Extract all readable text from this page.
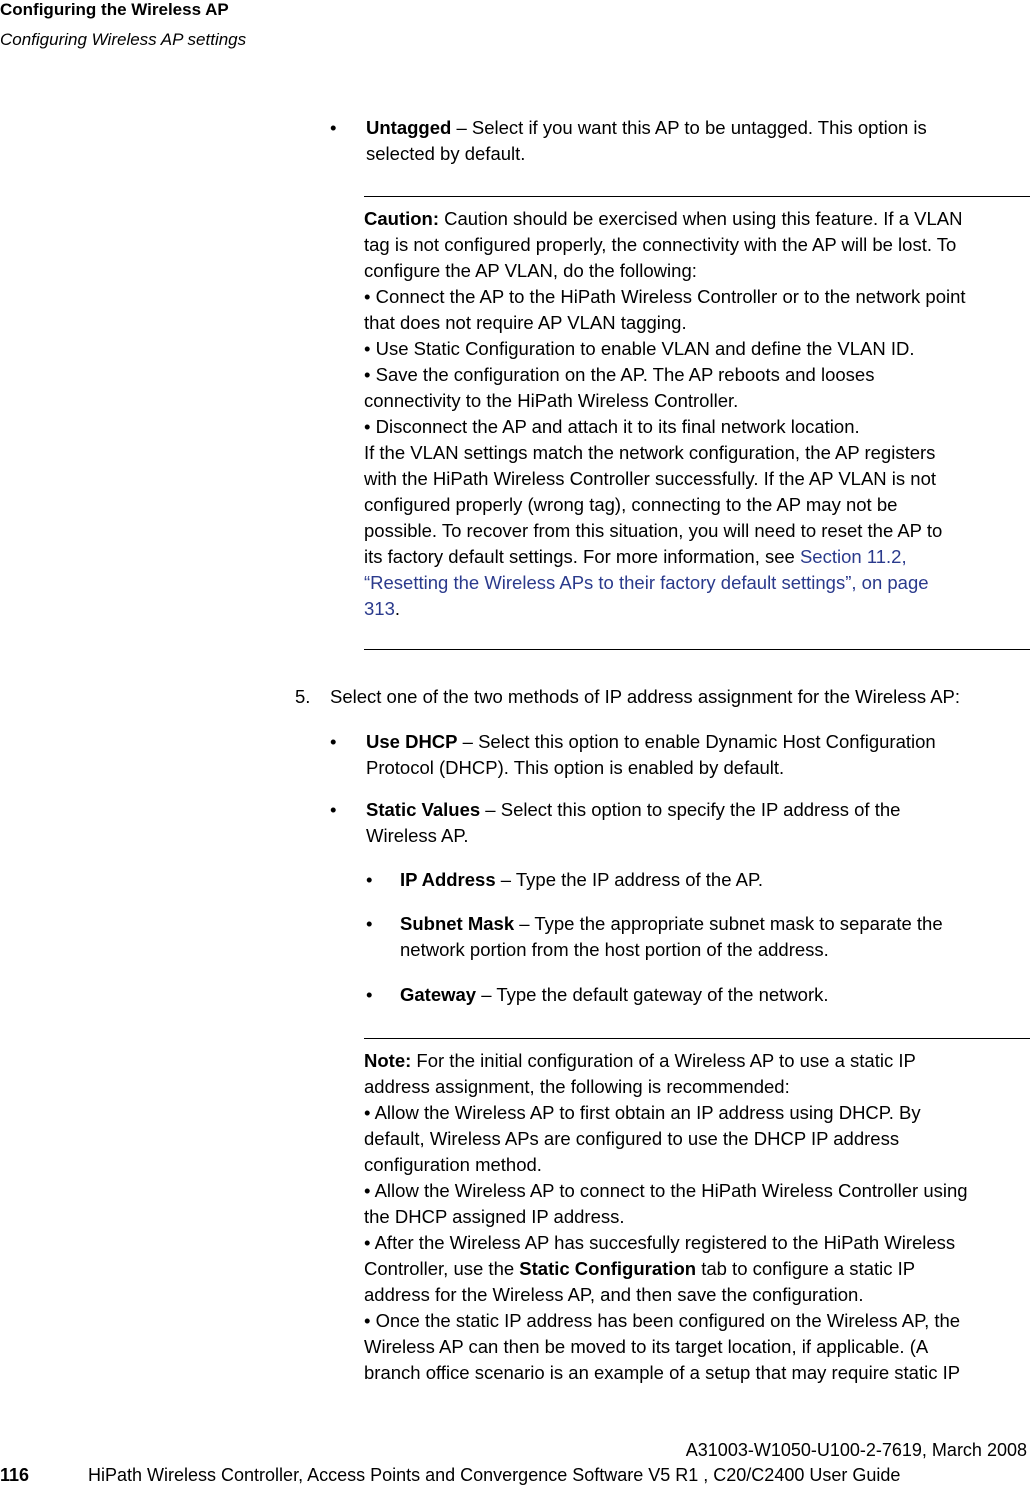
Configuring the Wireless AP
Configuring Wireless AP settings
• Untagged – Select if you want this AP to be untagged. This option is
selected by default.
Caution: Caution should be exercised when using this feature. If a VLAN
tag is not configured properly, the connectivity with the AP will be lost. To
configure the AP VLAN, do the following:
• Connect the AP to the HiPath Wireless Controller or to the network point
that does not require AP VLAN tagging.
• Use Static Configuration to enable VLAN and define the VLAN ID.
• Save the configuration on the AP. The AP reboots and looses
connectivity to the HiPath Wireless Controller.
• Disconnect the AP and attach it to its final network location.
If the VLAN settings match the network configuration, the AP registers
with the HiPath Wireless Controller successfully. If the AP VLAN is not
configured properly (wrong tag), connecting to the AP may not be
possible. To recover from this situation, you will need to reset the AP to
its factory default settings. For more information, see Section 11.2,
“Resetting the Wireless APs to their factory default settings”, on page
313.
5. Select one of the two methods of IP address assignment for the Wireless AP:
• Use DHCP – Select this option to enable Dynamic Host Configuration
Protocol (DHCP). This option is enabled by default.
• Static Values – Select this option to specify the IP address of the
Wireless AP.
• IP Address – Type the IP address of the AP.
• Subnet Mask – Type the appropriate subnet mask to separate the
network portion from the host portion of the address.
• Gateway – Type the default gateway of the network.
Note: For the initial configuration of a Wireless AP to use a static IP
address assignment, the following is recommended:
• Allow the Wireless AP to first obtain an IP address using DHCP. By
default, Wireless APs are configured to use the DHCP IP address
configuration method.
• Allow the Wireless AP to connect to the HiPath Wireless Controller using
the DHCP assigned IP address.
• After the Wireless AP has succesfully registered to the HiPath Wireless
Controller, use the Static Configuration tab to configure a static IP
address for the Wireless AP, and then save the configuration.
• Once the static IP address has been configured on the Wireless AP, the
Wireless AP can then be moved to its target location, if applicable. (A
branch office scenario is an example of a setup that may require static IP
A31003-W1050-U100-2-7619, March 2008
116	HiPath Wireless Controller, Access Points and Convergence Software V5 R1 , C20/C2400 User Guide
